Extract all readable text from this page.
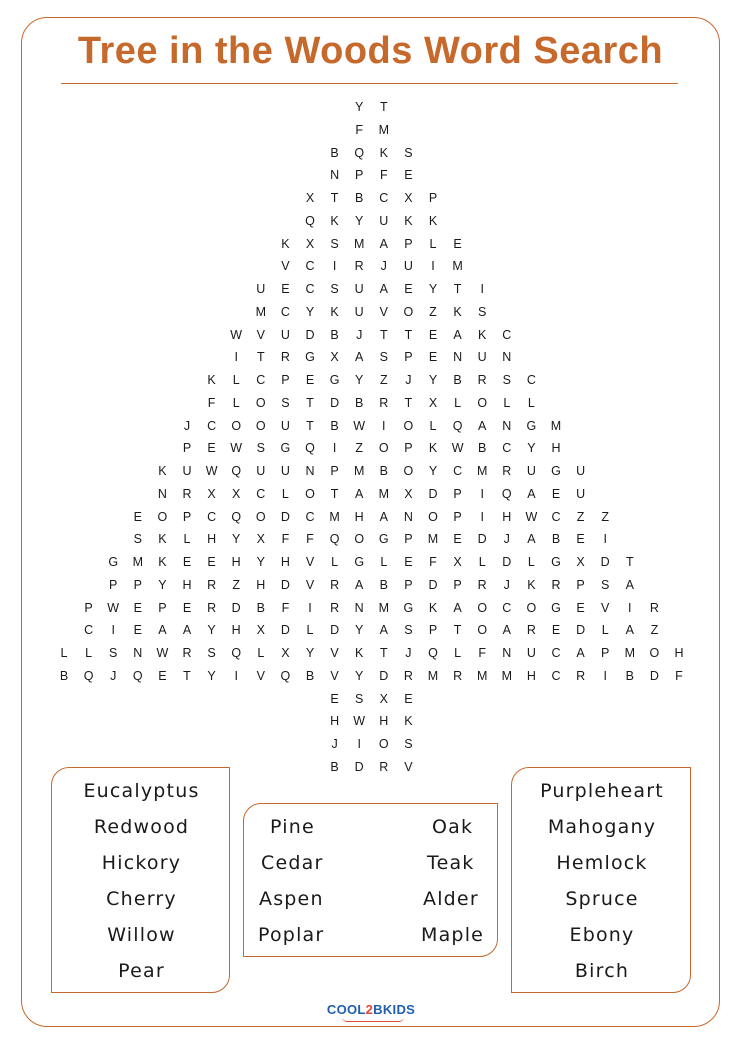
Tree in the Woods Word Search
Y	T
F	M
B	Q	K	S
N	P	F	E
X	T	B	C	X	P
Q	K	Y	U	K	K
K	X	S	M	A	P	L	E
V	C	I	R	J	U	I	M
U	E	C	S	U	A	E	Y	T	I
M	C	Y	K	U	V	O	Z	K	S
W	V	U	D	B	J	T	T	E	A	K	C
I	T	R	G	X	A	S	P	E	N	U	N
K	L	C	P	E	G	Y	Z	J	Y	B	R	S	C
F	L	O	S	T	D	B	R	T	X	L	O	L	L
J	C	O	O	U	T	B	W	I	O	L	Q	A	N	G	M
P	E	W	S	G	Q	I	Z	O	P	K	W	B	C	Y	H
K	U	W	Q	U	U	N	P	M	B	O	Y	C	M	R	U	G	U
N	R	X	X	C	L	O	T	A	M	X	D	P	I	Q	A	E	U
E	O	P	C	Q	O	D	C	M	H	A	N	O	P	I	H	W	C	Z	Z
S	K	L	H	Y	X	F	F	Q	O	G	P	M	E	D	J	A	B	E	I
G	M	K	E	E	H	Y	H	V	L	G	L	E	F	X	L	D	L	G	X	D	T
P	P	Y	H	R	Z	H	D	V	R	A	B	P	D	P	R	J	K	R	P	S	A
P	W	E	P	E	R	D	B	F	I	R	N	M	G	K	A	O	C	O	G	E	V	I	R
C	I	E	A	A	Y	H	X	D	L	D	Y	A	S	P	T	O	A	R	E	D	L	A	Z
L	L	S	N	W	R	S	Q	L	X	Y	V	K	T	J	Q	L	F	N	U	C	A	P	M	O	H
B	Q	J	Q	E	T	Y	I	V	Q	B	V	Y	D	R	M	R	M	M	H	C	R	I	B	D	F
E	S	X	E
H	W	H	K
J	I	O	S
B	D	R	V
Eucalyptus
Redwood
Hickory
Cherry
Willow
Pear
Pine
Cedar
Aspen
Poplar
Oak
Teak
Alder
Maple
Purpleheart
Mahogany
Hemlock
Spruce
Ebony
Birch
COOL2BKIDS
